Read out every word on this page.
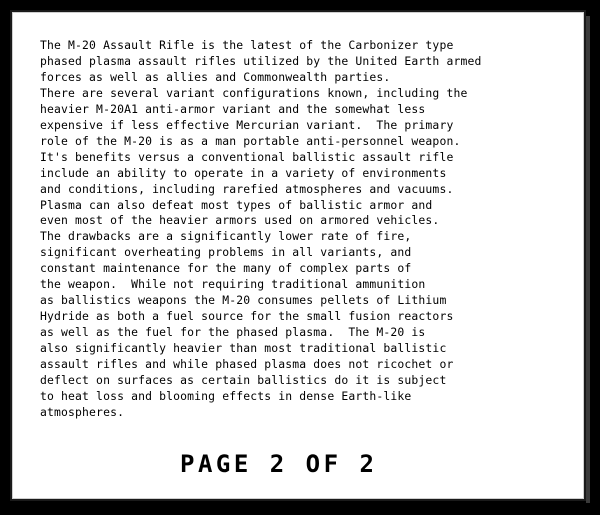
The M-20 Assault Rifle is the latest of the Carbonizer type
phased plasma assault rifles utilized by the United Earth armed
forces as well as allies and Commonwealth parties.
There are several variant configurations known, including the
heavier M-20A1 anti-armor variant and the somewhat less
expensive if less effective Mercurian variant.  The primary
role of the M-20 is as a man portable anti-personnel weapon.
It's benefits versus a conventional ballistic assault rifle
include an ability to operate in a variety of environments
and conditions, including rarefied atmospheres and vacuums.
Plasma can also defeat most types of ballistic armor and
even most of the heavier armors used on armored vehicles.
The drawbacks are a significantly lower rate of fire,
significant overheating problems in all variants, and
constant maintenance for the many of complex parts of
the weapon.  While not requiring traditional ammunition
as ballistics weapons the M-20 consumes pellets of Lithium
Hydride as both a fuel source for the small fusion reactors
as well as the fuel for the phased plasma.  The M-20 is
also significantly heavier than most traditional ballistic
assault rifles and while phased plasma does not ricochet or
deflect on surfaces as certain ballistics do it is subject
to heat loss and blooming effects in dense Earth-like
atmospheres.
PAGE 2 OF 2
